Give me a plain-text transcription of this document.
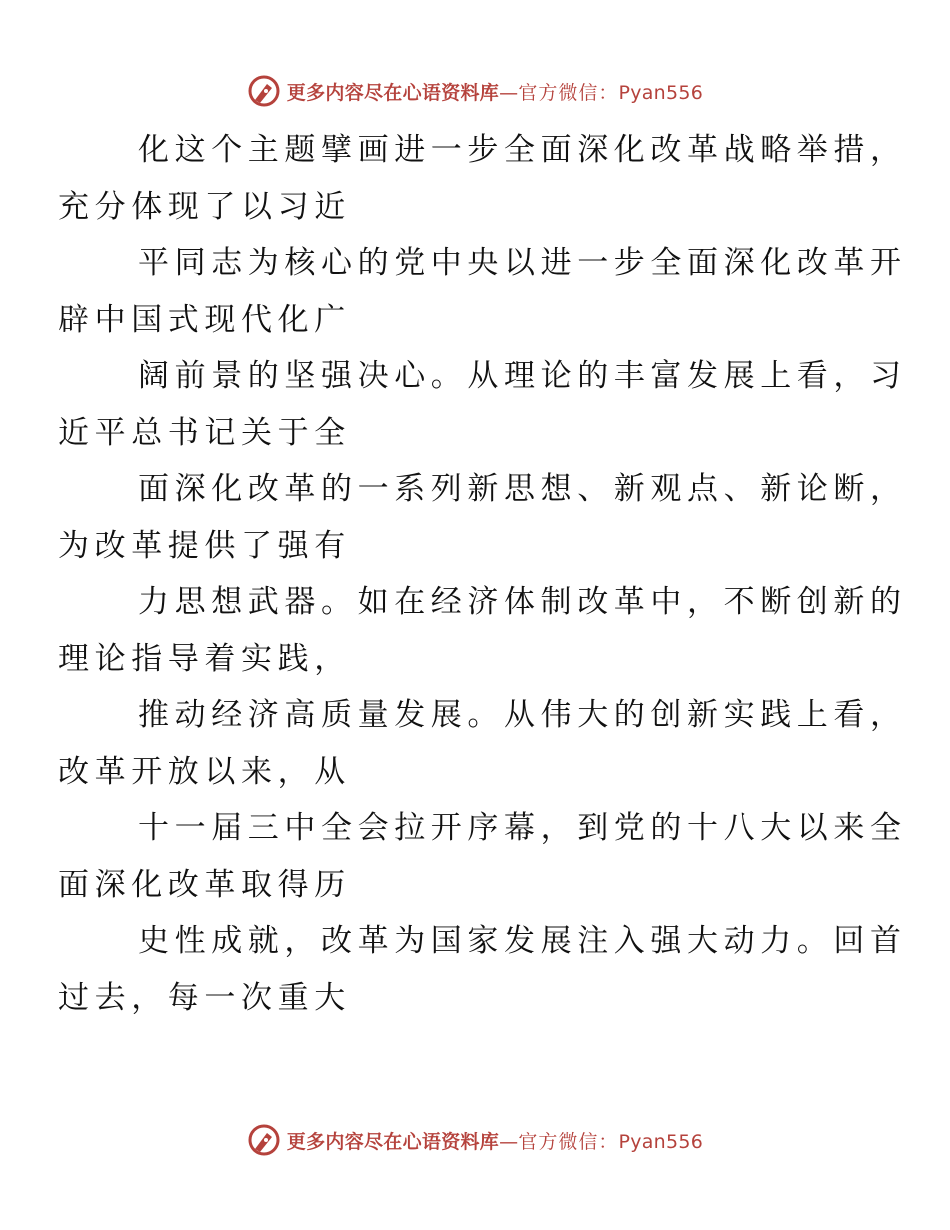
更多内容尽在心语资料库—官方微信：Pyan556

化这个主题擘画进一步全面深化改革战略举措，
充分体现了以习近

平同志为核心的党中央以进一步全面深化改革开
辟中国式现代化广

阔前景的坚强决心。从理论的丰富发展上看，习
近平总书记关于全

面深化改革的一系列新思想、新观点、新论断，
为改革提供了强有

力思想武器。如在经济体制改革中，不断创新的
理论指导着实践，

推动经济高质量发展。从伟大的创新实践上看，
改革开放以来，从

十一届三中全会拉开序幕，到党的十八大以来全
面深化改革取得历

史性成就，改革为国家发展注入强大动力。回首
过去，每一次重大

更多内容尽在心语资料库—官方微信：Pyan556
